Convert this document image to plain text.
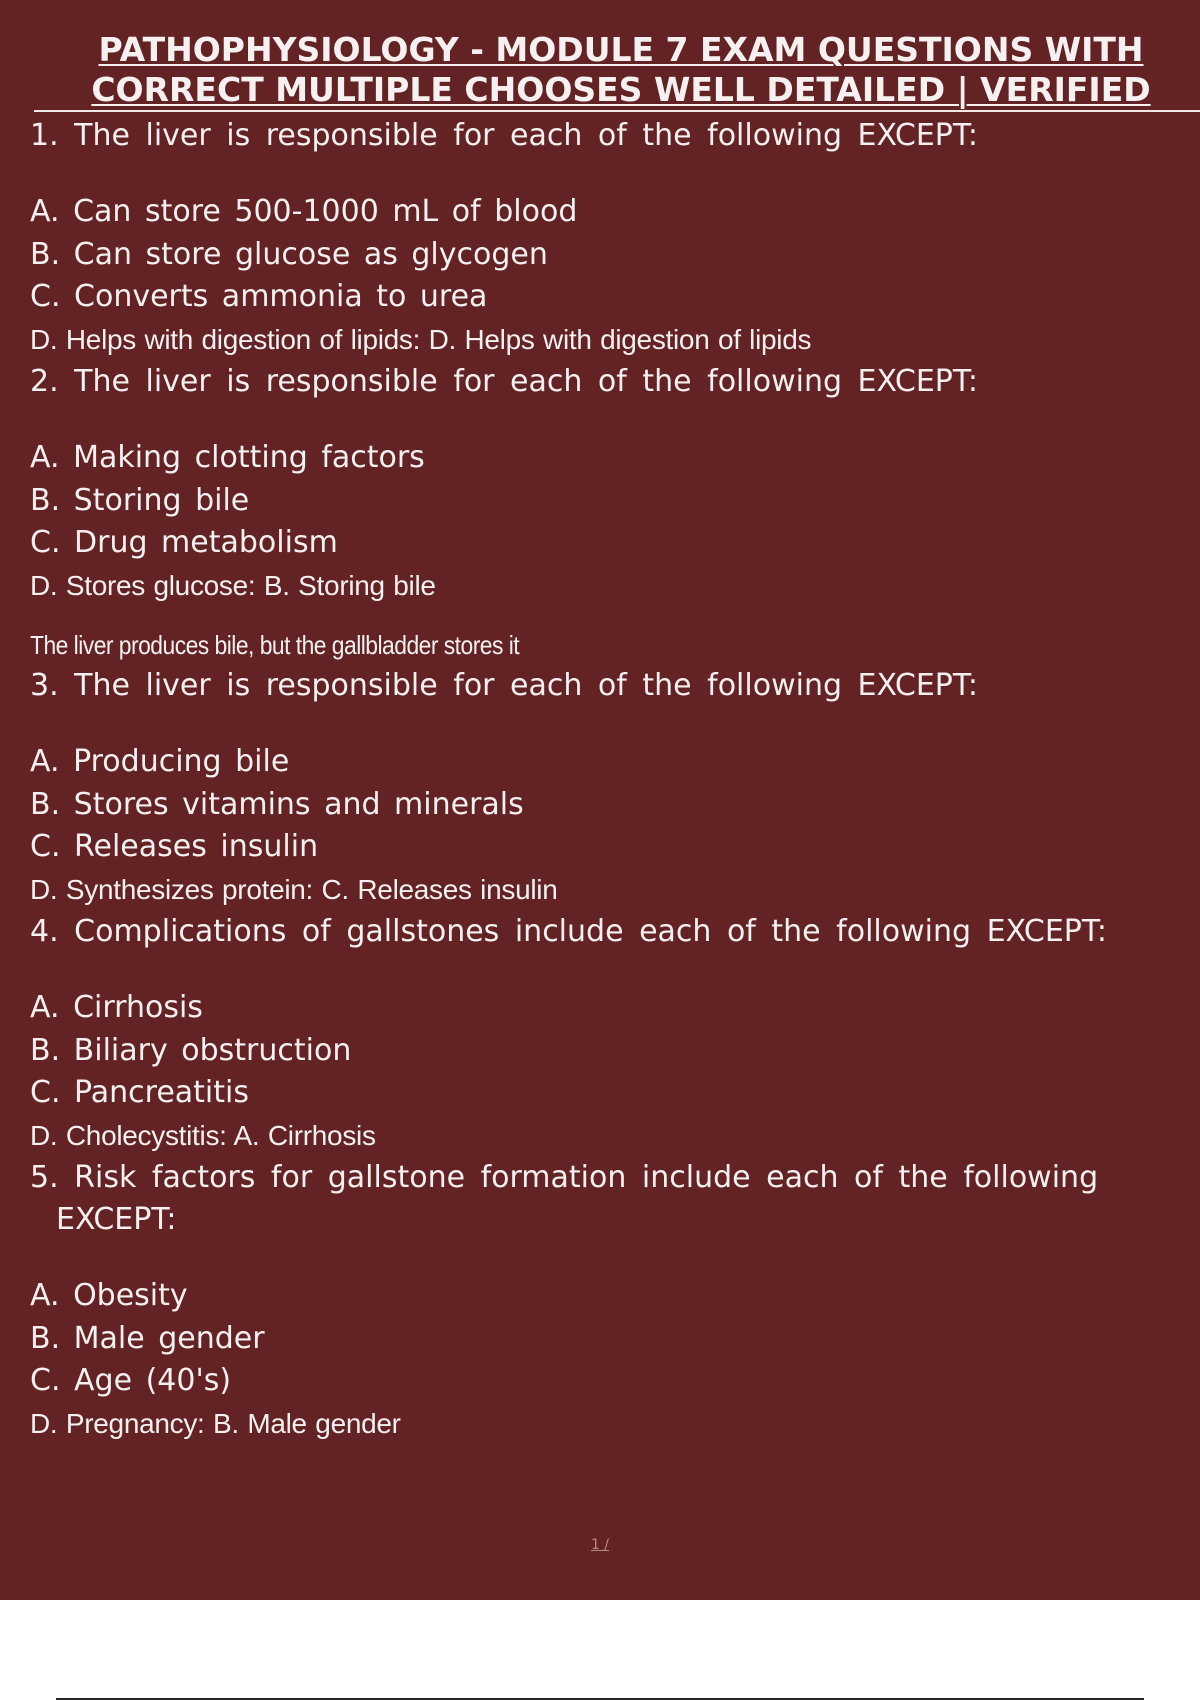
PATHOPHYSIOLOGY - MODULE 7 EXAM QUESTIONS WITH
CORRECT MULTIPLE CHOOSES WELL DETAILED | VERIFIED

1. The liver is responsible for each of the following EXCEPT:

A. Can store 500-1000 mL of blood

B. Can store glucose as glycogen

C. Converts ammonia to urea

D. Helps with digestion of lipids: D. Helps with digestion of lipids

2. The liver is responsible for each of the following EXCEPT:

A. Making clotting factors

B. Storing bile

C. Drug metabolism

D. Stores glucose: B. Storing bile

The liver produces bile, but the gallbladder stores it

3. The liver is responsible for each of the following EXCEPT:

A. Producing bile

B. Stores vitamins and minerals

C. Releases insulin

D. Synthesizes protein: C. Releases insulin

4. Complications of gallstones include each of the following EXCEPT:

A. Cirrhosis

B. Biliary obstruction

C. Pancreatitis

D. Cholecystitis: A. Cirrhosis

5. Risk factors for gallstone formation include each of the following EXCEPT:

A. Obesity

B. Male gender

C. Age (40's)

D. Pregnancy: B. Male gender

1 /
